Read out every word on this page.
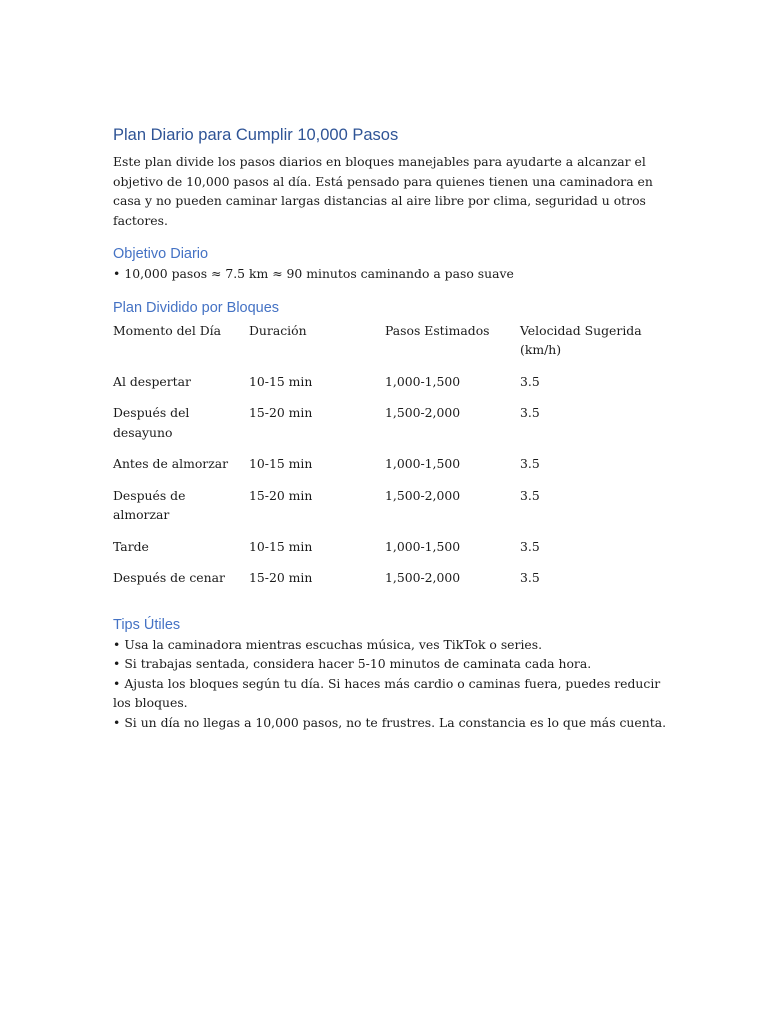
Plan Diario para Cumplir 10,000 Pasos

Este plan divide los pasos diarios en bloques manejables para ayudarte a alcanzar el objetivo de 10,000 pasos al día. Está pensado para quienes tienen una caminadora en casa y no pueden caminar largas distancias al aire libre por clima, seguridad u otros factores.

Objetivo Diario
• 10,000 pasos ≈ 7.5 km ≈ 90 minutos caminando a paso suave
Plan Dividido por Bloques
Momento del Día	Duración	Pasos Estimados	Velocidad Sugerida (km/h)
Al despertar	10-15 min	1,000-1,500	3.5
Después del desayuno	15-20 min	1,500-2,000	3.5
Antes de almorzar	10-15 min	1,000-1,500	3.5
Después de almorzar	15-20 min	1,500-2,000	3.5
Tarde	10-15 min	1,000-1,500	3.5
Después de cenar	15-20 min	1,500-2,000	3.5
Tips Útiles
• Usa la caminadora mientras escuchas música, ves TikTok o series.
• Si trabajas sentada, considera hacer 5-10 minutos de caminata cada hora.
• Ajusta los bloques según tu día. Si haces más cardio o caminas fuera, puedes reducir los bloques.
• Si un día no llegas a 10,000 pasos, no te frustres. La constancia es lo que más cuenta.
